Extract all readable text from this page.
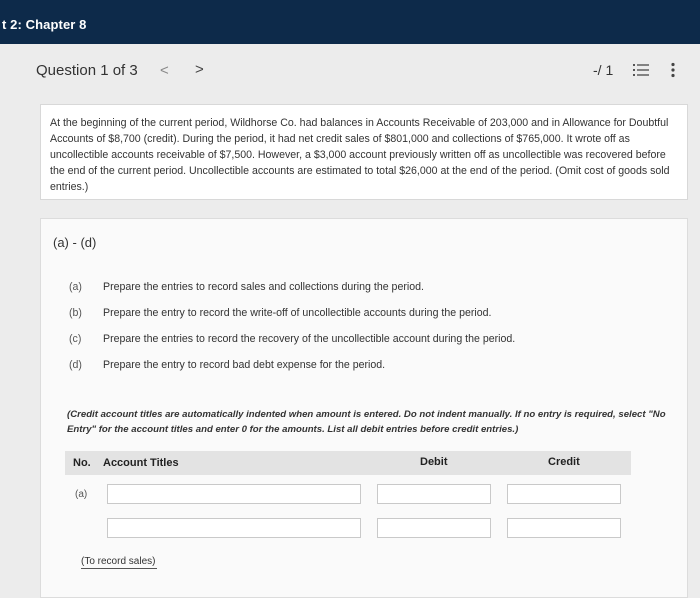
t 2: Chapter 8
Question 1 of 3 < >	-/ 1
At the beginning of the current period, Wildhorse Co. had balances in Accounts Receivable of 203,000 and in Allowance for Doubtful Accounts of $8,700 (credit). During the period, it had net credit sales of $801,000 and collections of $765,000. It wrote off as uncollectible accounts receivable of $7,500. However, a $3,000 account previously written off as uncollectible was recovered before the end of the current period. Uncollectible accounts are estimated to total $26,000 at the end of the period. (Omit cost of goods sold entries.)
(a) - (d)
(a) Prepare the entries to record sales and collections during the period.
(b) Prepare the entry to record the write-off of uncollectible accounts during the period.
(c) Prepare the entries to record the recovery of the uncollectible account during the period.
(d) Prepare the entry to record bad debt expense for the period.
(Credit account titles are automatically indented when amount is entered. Do not indent manually. If no entry is required, select "No Entry" for the account titles and enter 0 for the amounts. List all debit entries before credit entries.)
No. Account Titles	Debit	Credit
(a)
(To record sales)
